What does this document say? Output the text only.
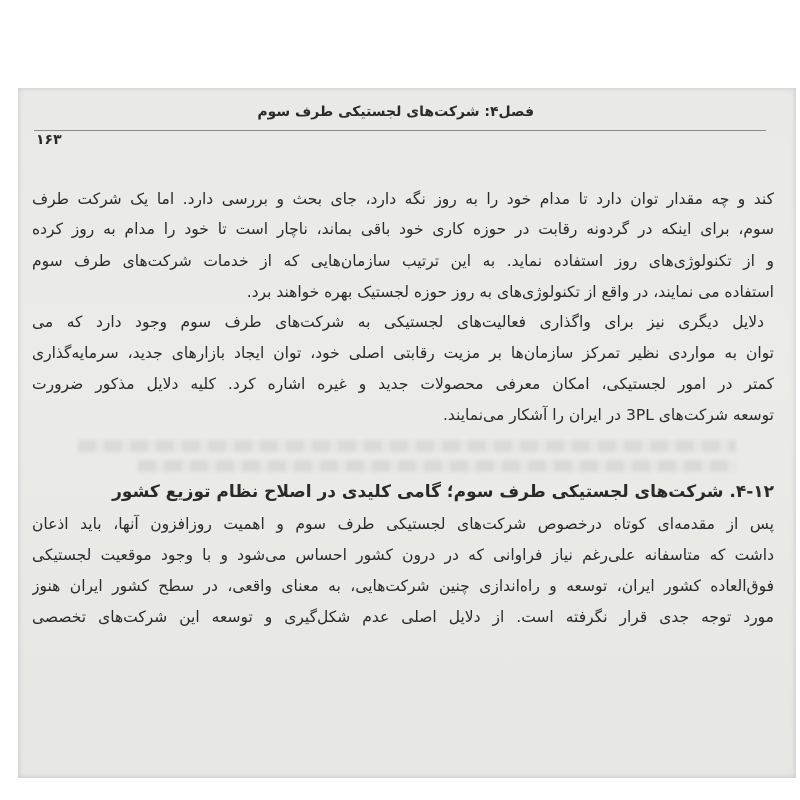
فصل۴: شرکت‌های لجستیکی طرف سوم
۱۶۳
کند و چه مقدار توان دارد تا مدام خود را به روز نگه دارد، جای بحث و بررسی دارد. اما یک شرکت طرف
سوم، برای اینکه در گردونه رقابت در حوزه کاری خود باقی بماند، ناچار است تا خود را مدام به روز کرده
و از تکنولوژی‌های روز استفاده نماید. به این ترتیب سازمان‌هایی که از خدمات شرکت‌های طرف سوم
استفاده می نمایند، در واقع از تکنولوژی‌های به روز حوزه لجستیک بهره خواهند برد.
دلایل دیگری نیز برای واگذاری فعالیت‌های لجستیکی به شرکت‌های طرف سوم وجود دارد که می
توان به مواردی نظیر تمرکز سازمان‌ها بر مزیت رقابتی اصلی خود، توان ایجاد بازارهای جدید، سرمایه‌گذاری
کمتر در امور لجستیکی، امکان معرفی محصولات جدید و غیره اشاره کرد. کلیه دلایل مذکور ضرورت
توسعه شرکت‌های 3PL در ایران را آشکار می‌نمایند.
۴-۱۲. شرکت‌های لجستیکی طرف سوم؛ گامی کلیدی در اصلاح نظام توزیع کشور
پس از مقدمه‌ای کوتاه درخصوص شرکت‌های لجستیکی طرف سوم و اهمیت روزافزون آنها، باید اذعان
داشت که متاسفانه علی‌رغم نیاز فراوانی که در درون کشور احساس می‌شود و با وجود موقعیت لجستیکی
فوق‌العاده کشور ایران، توسعه و راه‌اندازی چنین شرکت‌هایی، به معنای واقعی، در سطح کشور ایران هنوز
مورد توجه جدی قرار نگرفته است. از دلایل اصلی عدم شکل‌گیری و توسعه این شرکت‌های تخصصی
